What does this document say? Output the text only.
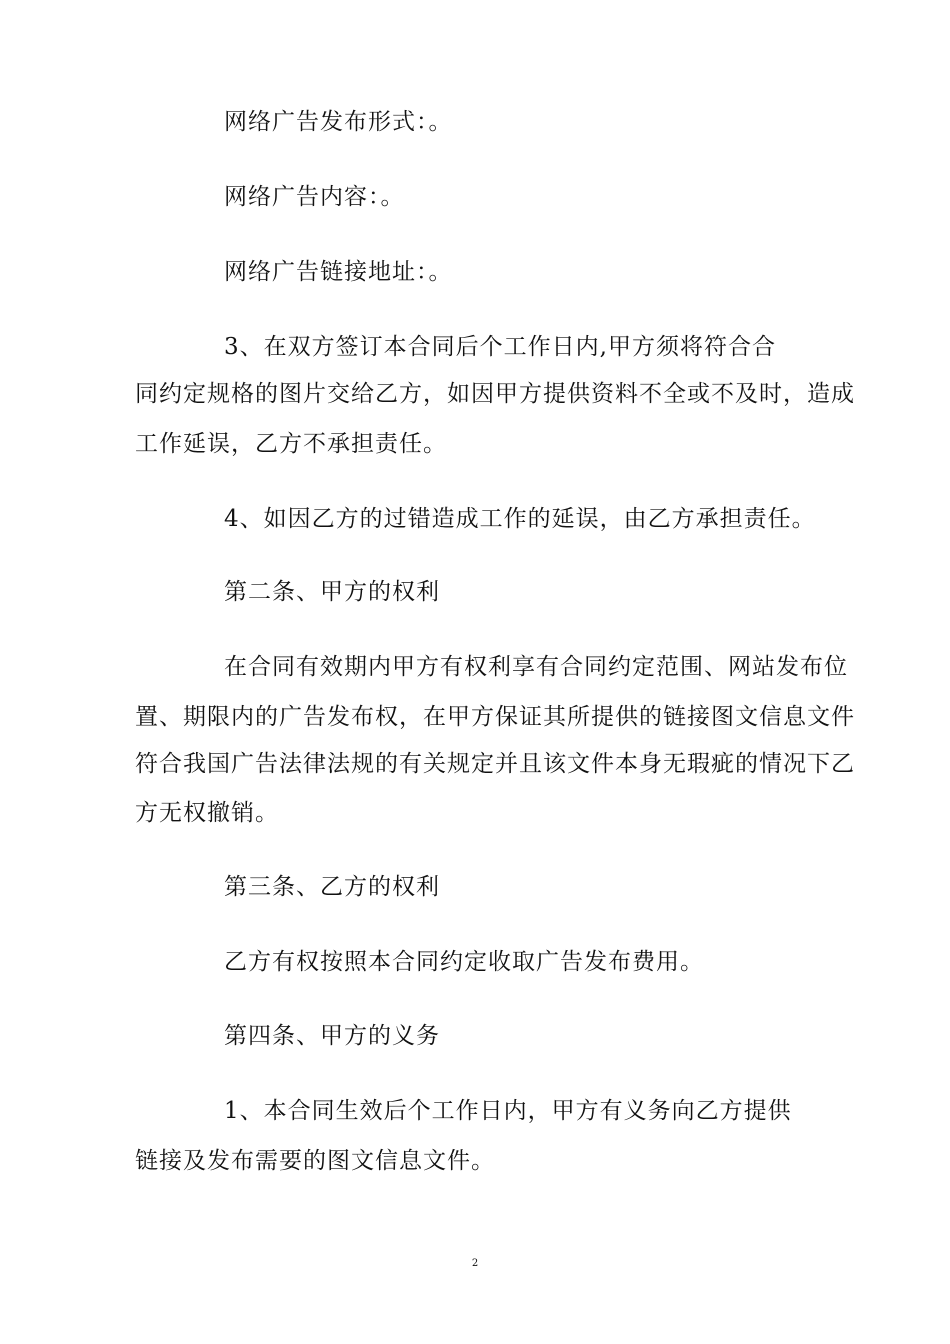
网络广告发布形式：。

网络广告内容：。

网络广告链接地址：。

3、在双方签订本合同后个工作日内,甲方须将符合合

同约定规格的图片交给乙方，如因甲方提供资料不全或不及时，造成

工作延误，乙方不承担责任。

4、如因乙方的过错造成工作的延误，由乙方承担责任。

第二条、甲方的权利

在合同有效期内甲方有权利享有合同约定范围、网站发布位

置、期限内的广告发布权，在甲方保证其所提供的链接图文信息文件

符合我国广告法律法规的有关规定并且该文件本身无瑕疵的情况下乙

方无权撤销。

第三条、乙方的权利

乙方有权按照本合同约定收取广告发布费用。

第四条、甲方的义务

1、本合同生效后个工作日内，甲方有义务向乙方提供

链接及发布需要的图文信息文件。

2
